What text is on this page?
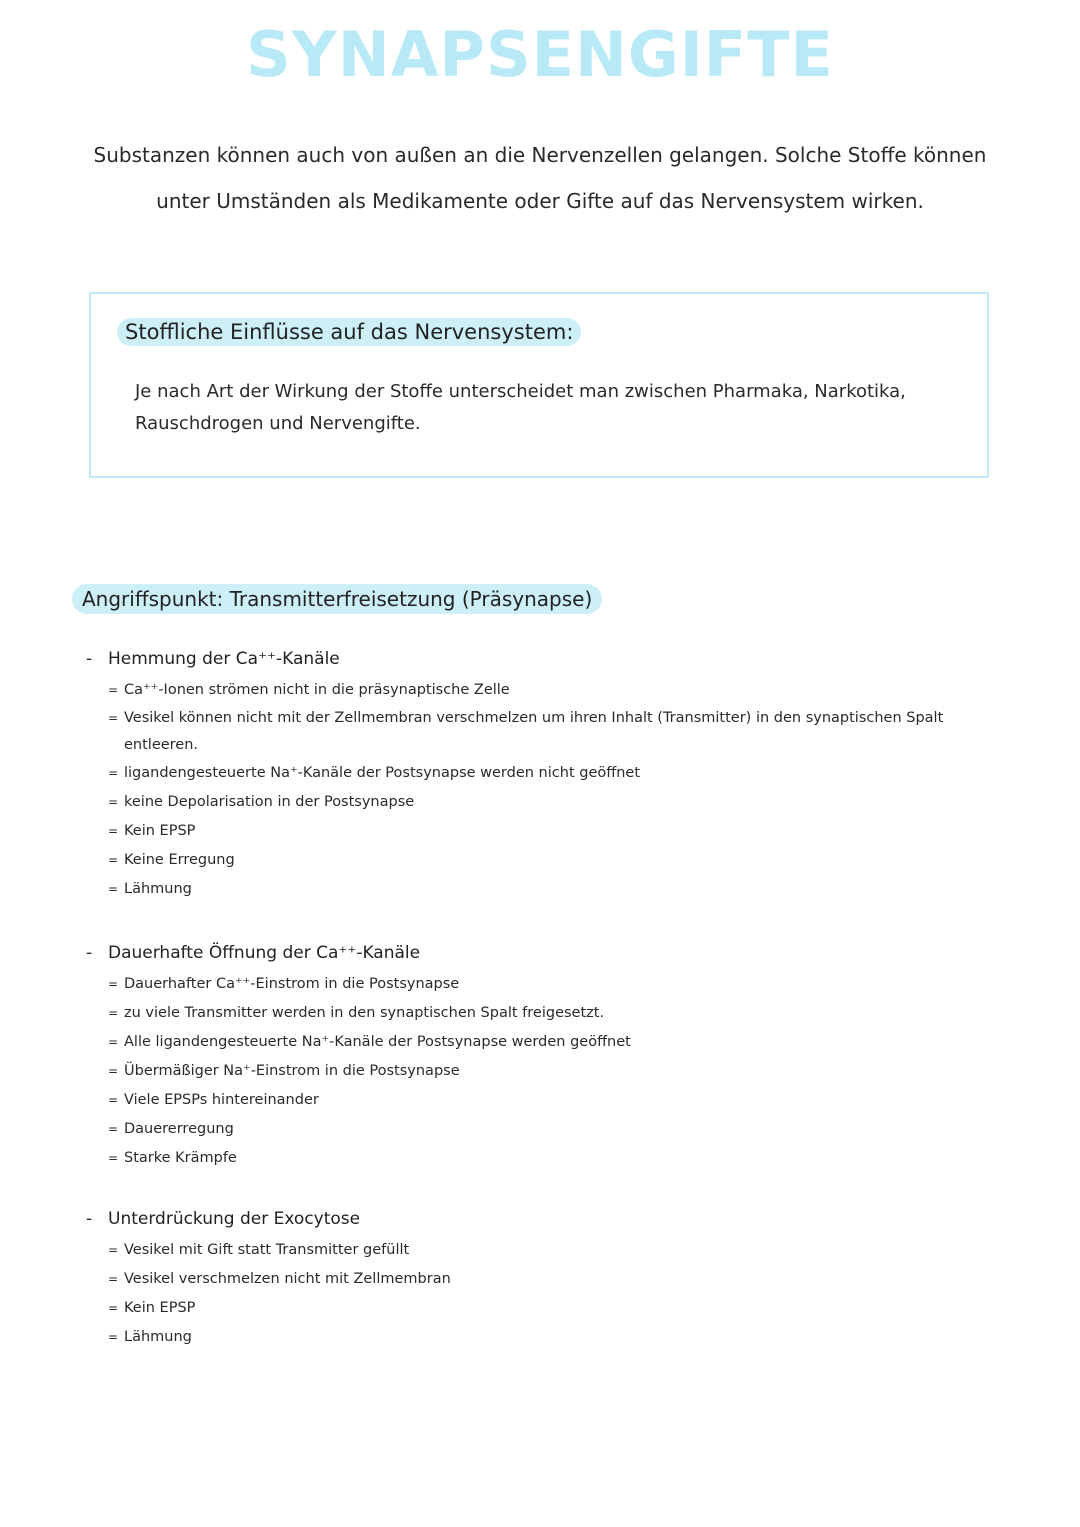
SYNAPSENGIFTE
Substanzen können auch von außen an die Nervenzellen gelangen. Solche Stoffe können unter Umständen als Medikamente oder Gifte auf das Nervensystem wirken.
Stoffliche Einflüsse auf das Nervensystem:
Je nach Art der Wirkung der Stoffe unterscheidet man zwischen Pharmaka, Narkotika, Rauschdrogen und Nervengifte.
Angriffspunkt: Transmitterfreisetzung (Präsynapse)
- Hemmung der Ca⁺⁺-Kanäle
= Ca⁺⁺-Ionen strömen nicht in die präsynaptische Zelle
= Vesikel können nicht mit der Zellmembran verschmelzen um ihren Inhalt (Transmitter) in den synaptischen Spalt entleeren.
= ligandengesteuerte Na⁺-Kanäle der Postsynapse werden nicht geöffnet
= keine Depolarisation in der Postsynapse
= Kein EPSP
= Keine Erregung
= Lähmung
- Dauerhafte Öffnung der Ca⁺⁺-Kanäle
= Dauerhafter Ca⁺⁺-Einstrom in die Postsynapse
= zu viele Transmitter werden in den synaptischen Spalt freigesetzt.
= Alle ligandengesteuerte Na⁺-Kanäle der Postsynapse werden geöffnet
= Übermäßiger Na⁺-Einstrom in die Postsynapse
= Viele EPSPs hintereinander
= Dauererregung
= Starke Krämpfe
- Unterdrückung der Exocytose
= Vesikel mit Gift statt Transmitter gefüllt
= Vesikel verschmelzen nicht mit Zellmembran
= Kein EPSP
= Lähmung
